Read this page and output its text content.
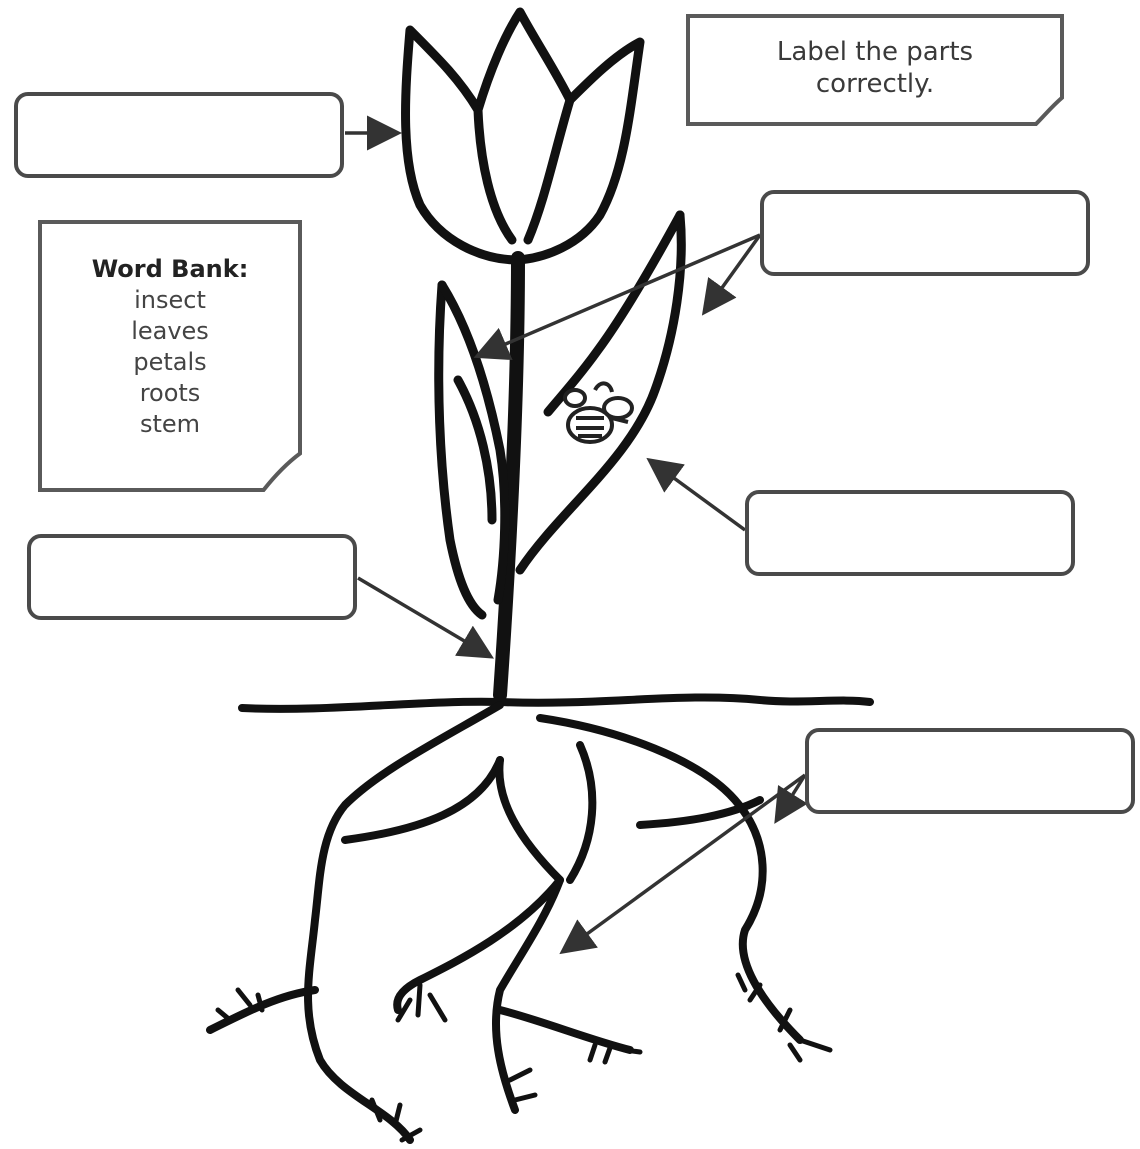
Label the parts
correctly.
Word Bank:
insect
leaves
petals
roots
stem
